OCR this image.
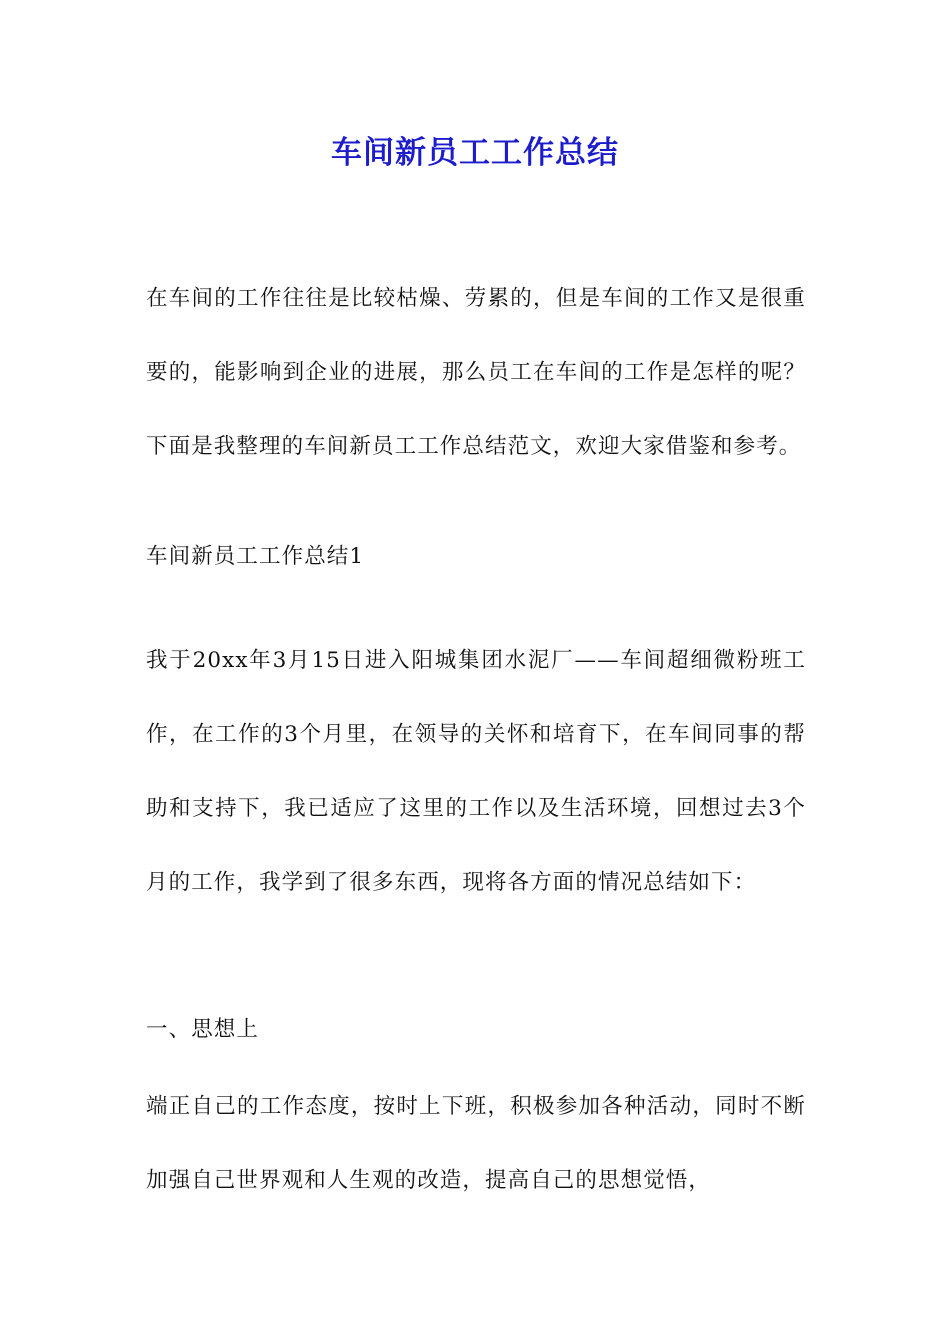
车间新员工工作总结

在车间的工作往往是比较枯燥、劳累的，但是车间的工作又是很重要的，能影响到企业的进展，那么员工在车间的工作是怎样的呢？下面是我整理的车间新员工工作总结范文，欢迎大家借鉴和参考。

车间新员工工作总结1

我于20xx年3月15日进入阳城集团水泥厂——车间超细微粉班工作，在工作的3个月里，在领导的关怀和培育下，在车间同事的帮助和支持下，我已适应了这里的工作以及生活环境，回想过去3个月的工作，我学到了很多东西，现将各方面的情况总结如下：

一、思想上

端正自己的工作态度，按时上下班，积极参加各种活动，同时不断加强自己世界观和人生观的改造，提高自己的思想觉悟，
